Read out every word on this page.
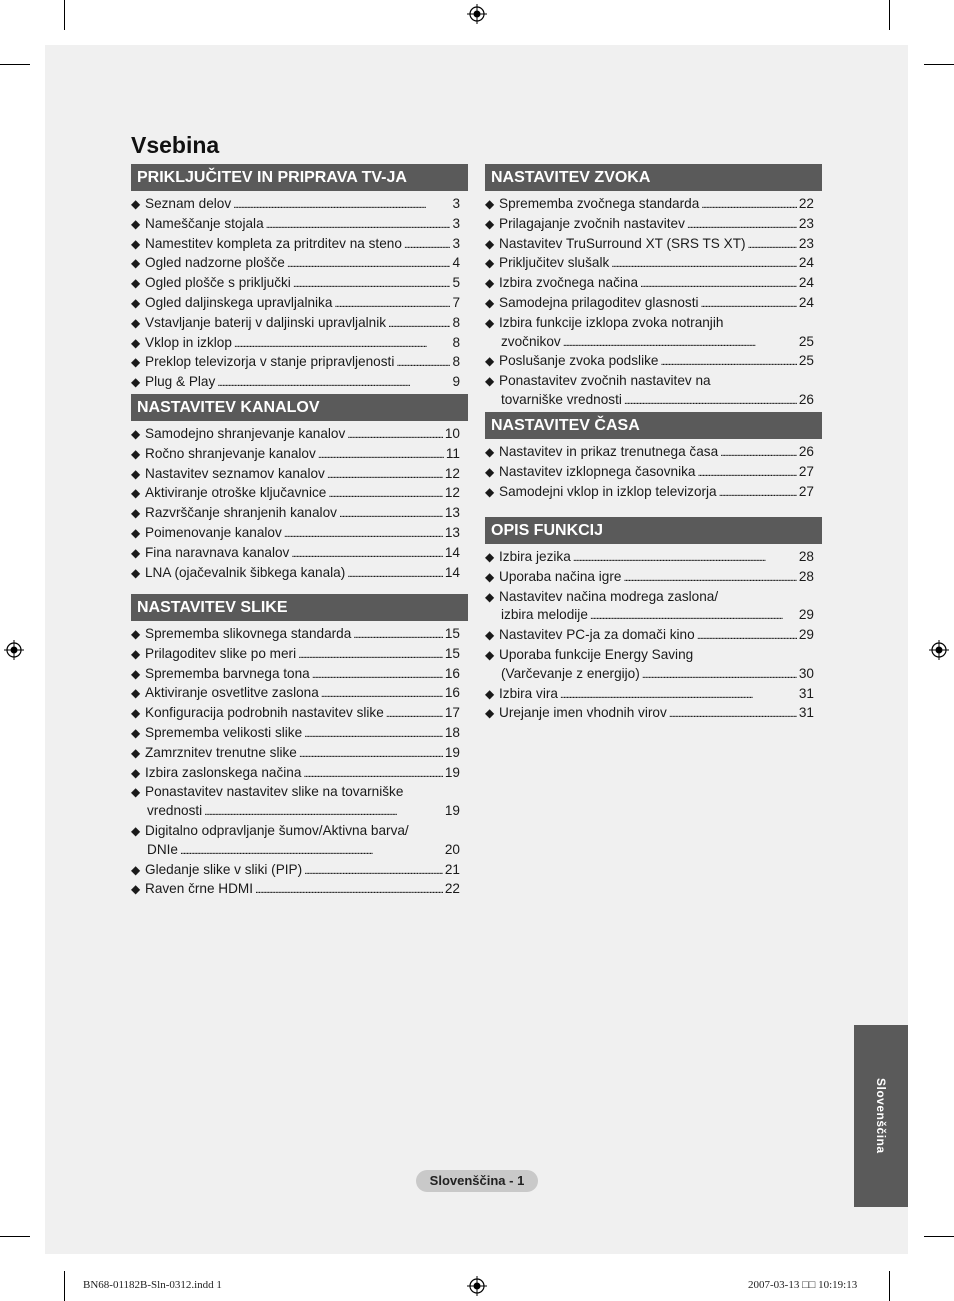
Vsebina
PRIKLJUČITEV IN PRIPRAVA TV-JA
◆ Seznam delov . . .	3
◆ Nameščanje stojala . . .	3
◆ Namestitev kompleta za pritrditev na steno . . .	3
◆ Ogled nadzorne plošče . . .	4
◆ Ogled plošče s priključki . . .	5
◆ Ogled daljinskega upravljalnika . . .	7
◆ Vstavljanje baterij v daljinski upravljalnik . . .	8
◆ Vklop in izklop . . .	8
◆ Preklop televizorja v stanje pripravljenosti . . .	8
◆ Plug & Play . . .	9
NASTAVITEV KANALOV
◆ Samodejno shranjevanje kanalov . . .	10
◆ Ročno shranjevanje kanalov . . .	11
◆ Nastavitev seznamov kanalov . . .	12
◆ Aktiviranje otroške ključavnice . . .	12
◆ Razvrščanje shranjenih kanalov . . .	13
◆ Poimenovanje kanalov . . .	13
◆ Fina naravnava kanalov . . .	14
◆ LNA (ojačevalnik šibkega kanala) . . .	14
NASTAVITEV SLIKE
◆ Sprememba slikovnega standarda . . .	15
◆ Prilagoditev slike po meri . . .	15
◆ Sprememba barvnega tona . . .	16
◆ Aktiviranje osvetlitve zaslona . . .	16
◆ Konfiguracija podrobnih nastavitev slike . . .	17
◆ Sprememba velikosti slike . . .	18
◆ Zamrznitev trenutne slike . . .	19
◆ Izbira zaslonskega načina . . .	19
◆ Ponastavitev nastavitev slike na tovarniške
vrednosti . . .	19
◆ Digitalno odpravljanje šumov/Aktivna barva/
DNIe . . .	20
◆ Gledanje slike v sliki (PIP) . . .	21
◆ Raven črne HDMI . . .	22
NASTAVITEV ZVOKA
◆ Sprememba zvočnega standarda . . .	22
◆ Prilagajanje zvočnih nastavitev . . .	23
◆ Nastavitev TruSurround XT (SRS TS XT) . . .	23
◆ Priključitev slušalk . . .	24
◆ Izbira zvočnega načina . . .	24
◆ Samodejna prilagoditev glasnosti . . .	24
◆ Izbira funkcije izklopa zvoka notranjih
zvočnikov . . .	25
◆ Poslušanje zvoka podslike . . .	25
◆ Ponastavitev zvočnih nastavitev na
tovarniške vrednosti . . .	26
NASTAVITEV ČASA
◆ Nastavitev in prikaz trenutnega časa . . .	26
◆ Nastavitev izklopnega časovnika . . .	27
◆ Samodejni vklop in izklop televizorja . . .	27
OPIS FUNKCIJ
◆ Izbira jezika . . .	28
◆ Uporaba načina igre . . .	28
◆ Nastavitev načina modrega zaslona/
izbira melodije . . .	29
◆ Nastavitev PC-ja za domači kino . . .	29
◆ Uporaba funkcije Energy Saving
(Varčevanje z energijo) . . .	30
◆ Izbira vira . . .	31
◆ Urejanje imen vhodnih virov . . .	31
Slovenščina
Slovenščina - 1
BN68-01182B-Sln-0312.indd 1	2007-03-13 □□ 10:19:13
